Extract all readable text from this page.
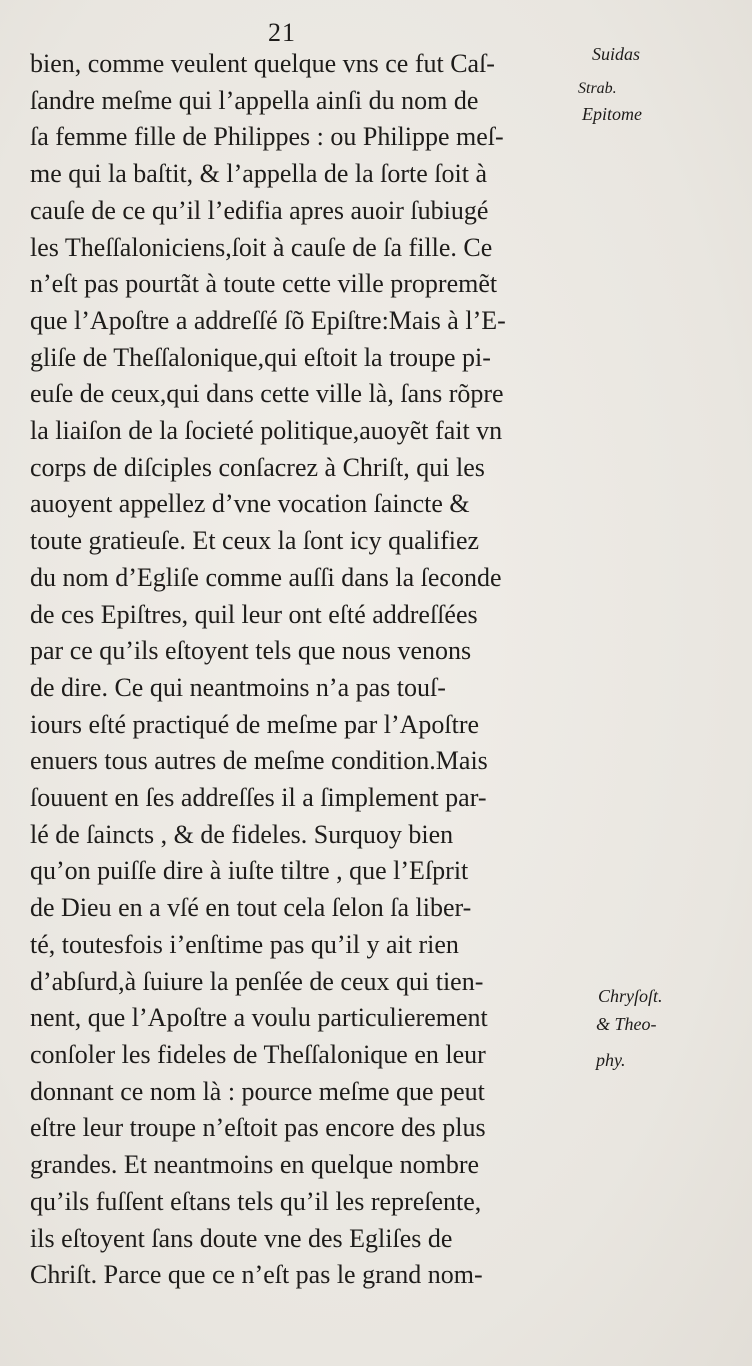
21
bien, comme veulent quelque vns ce fut Caſ-
ſandre meſme qui l’appella ainſi du nom de
ſa femme fille de Philippes : ou Philippe meſ-
me qui la baſtit, & l’appella de la ſorte ſoit à
cauſe de ce qu’il l’edifia apres auoir ſubiugé
les Theſſaloniciens,ſoit à cauſe de ſa fille. Ce
n’eſt pas pourtãt à toute cette ville propremẽt
que l’Apoſtre a addreſſé ſõ Epiſtre:Mais à l’E-
gliſe de Theſſalonique,qui eſtoit la troupe pi-
euſe de ceux,qui dans cette ville là, ſans rõpre
la liaiſon de la ſocieté politique,auoyẽt fait vn
corps de diſciples conſacrez à Chriſt, qui les
auoyent appellez d’vne vocation ſaincte &
toute gratieuſe. Et ceux la ſont icy qualifiez
du nom d’Egliſe comme auſſi dans la ſeconde
de ces Epiſtres, quil leur ont eſté addreſſées
par ce qu’ils eſtoyent tels que nous venons
de dire. Ce qui neantmoins n’a pas touſ-
iours eſté practiqué de meſme par l’Apoſtre
enuers tous autres de meſme condition.Mais
ſouuent en ſes addreſſes il a ſimplement par-
lé de ſaincts , & de fideles. Surquoy bien
qu’on puiſſe dire à iuſte tiltre , que l’Eſprit
de Dieu en a vſé en tout cela ſelon ſa liber-
té, toutesfois i’enſtime pas qu’il y ait rien
d’abſurd,à ſuiure la penſée de ceux qui tien-
nent, que l’Apoſtre a voulu particulierement
conſoler les fideles de Theſſalonique en leur
donnant ce nom là : pource meſme que peut
eſtre leur troupe n’eſtoit pas encore des plus
grandes. Et neantmoins en quelque nombre
qu’ils fuſſent eſtans tels qu’il les repreſente,
ils eſtoyent ſans doute vne des Egliſes de
Chriſt. Parce que ce n’eſt pas le grand nom-
Suidas
Strab.
Epitome
Chryſoſt.
& Theo-
phy.
